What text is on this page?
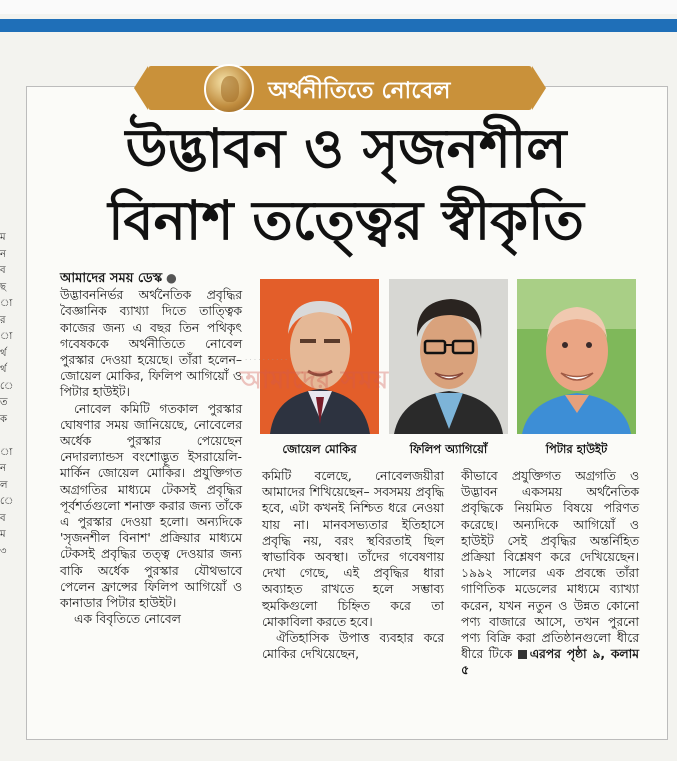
ম
ন
ব
ছ
া
র
া
র্থ
র্থ
ে
ত
ক

া
ন
ল
ে
ব
ম
৩
অর্থনীতিতে নোবেল
উদ্ভাবন ও সৃজনশীল
বিনাশ তত্ত্বের স্বীকৃতি

আমাদের সময় ডেস্ক ●

উদ্ভাবননির্ভর অর্থনৈতিক প্রবৃদ্ধির বৈজ্ঞানিক ব্যাখ্যা দিতে তাত্ত্বিক কাজের জন্য এ বছর তিন পথিকৃৎ গবেষককে অর্থনীতিতে নোবেল পুরস্কার দেওয়া হয়েছে। তাঁরা হলেন– জোয়েল মোকির, ফিলিপ আগিয়োঁ ও পিটার হাউইট।

নোবেল কমিটি গতকাল পুরস্কার ঘোষণার সময় জানিয়েছে, নোবেলের অর্ধেক পুরস্কার পেয়েছেন নেদারল্যান্ডস বংশোদ্ভূত ইসরায়েলি-মার্কিন জোয়েল মোকির। প্রযুক্তিগত অগ্রগতির মাধ্যমে টেকসই প্রবৃদ্ধির পূর্বশর্তগুলো শনাক্ত করার জন্য তাঁকে এ পুরস্কার দেওয়া হলো। অন্যদিকে 'সৃজনশীল বিনাশ' প্রক্রিয়ার মাধ্যমে টেকসই প্রবৃদ্ধির তত্ত্ব দেওয়ার জন্য বাকি অর্ধেক পুরস্কার যৌথভাবে পেলেন ফ্রান্সের ফিলিপ আগিয়োঁ ও কানাডার পিটার হাউইট।

এক বিবৃতিতে নোবেল

· · · · · · · · · ·
আমাদের সময়
জোয়েল মোকির	ফিলিপ অ্যাগিয়োঁ	পিটার হাউইট

কমিটি বলেছে, নোবেলজয়ীরা আমাদের শিখিয়েছেন– সবসময় প্রবৃদ্ধি হবে, এটা কখনই নিশ্চিত ধরে নেওয়া যায় না। মানবসভ্যতার ইতিহাসে প্রবৃদ্ধি নয়, বরং স্থবিরতাই ছিল স্বাভাবিক অবস্থা। তাঁদের গবেষণায় দেখা গেছে, এই প্রবৃদ্ধির ধারা অব্যাহত রাখতে হলে সম্ভাব্য হুমকিগুলো চিহ্নিত করে তা মোকাবিলা করতে হবে।

ঐতিহাসিক উপাত্ত ব্যবহার করে মোকির দেখিয়েছেন,

কীভাবে প্রযুক্তিগত অগ্রগতি ও উদ্ভাবন একসময় অর্থনৈতিক প্রবৃদ্ধিকে নিয়মিত বিষয়ে পরিণত করেছে। অন্যদিকে আগিয়োঁ ও হাউইট সেই প্রবৃদ্ধির অন্তর্নিহিত প্রক্রিয়া বিশ্লেষণ করে দেখিয়েছেন। ১৯৯২ সালের এক প্রবন্ধে তাঁরা গাণিতিক মডেলের মাধ্যমে ব্যাখ্যা করেন, যখন নতুন ও উন্নত কোনো পণ্য বাজারে আসে, তখন পুরনো পণ্য বিক্রি করা প্রতিষ্ঠানগুলো ধীরে ধীরে টিকে এরপর পৃষ্ঠা ৯, কলাম ৫
